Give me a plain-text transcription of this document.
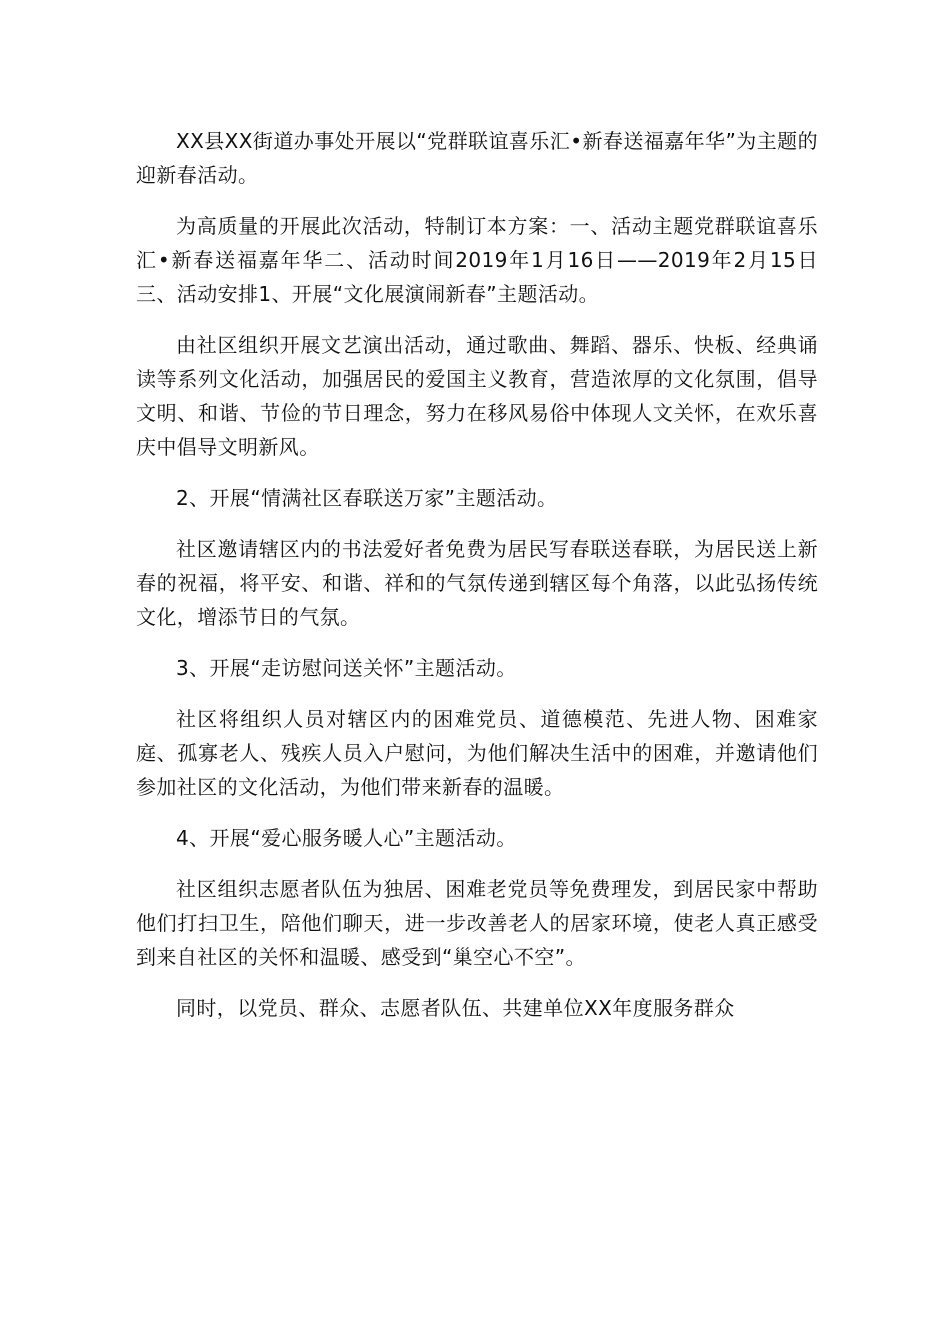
XX县XX街道办事处开展以“党群联谊喜乐汇•新春送福嘉年华”为主题的迎新春活动。

为高质量的开展此次活动，特制订本方案：一、活动主题党群联谊喜乐汇•新春送福嘉年华二、活动时间2019年1月16日——2019年2月15日三、活动安排1、开展“文化展演闹新春”主题活动。

由社区组织开展文艺演出活动，通过歌曲、舞蹈、器乐、快板、经典诵读等系列文化活动，加强居民的爱国主义教育，营造浓厚的文化氛围，倡导文明、和谐、节俭的节日理念，努力在移风易俗中体现人文关怀，在欢乐喜庆中倡导文明新风。

2、开展“情满社区春联送万家”主题活动。

社区邀请辖区内的书法爱好者免费为居民写春联送春联，为居民送上新春的祝福，将平安、和谐、祥和的气氛传递到辖区每个角落，以此弘扬传统文化，增添节日的气氛。

3、开展“走访慰问送关怀”主题活动。

社区将组织人员对辖区内的困难党员、道德模范、先进人物、困难家庭、孤寡老人、残疾人员入户慰问，为他们解决生活中的困难，并邀请他们参加社区的文化活动，为他们带来新春的温暖。

4、开展“爱心服务暖人心”主题活动。

社区组织志愿者队伍为独居、困难老党员等免费理发，到居民家中帮助他们打扫卫生，陪他们聊天，进一步改善老人的居家环境，使老人真正感受到来自社区的关怀和温暖、感受到“巢空心不空”。

同时，以党员、群众、志愿者队伍、共建单位XX年度服务群众
